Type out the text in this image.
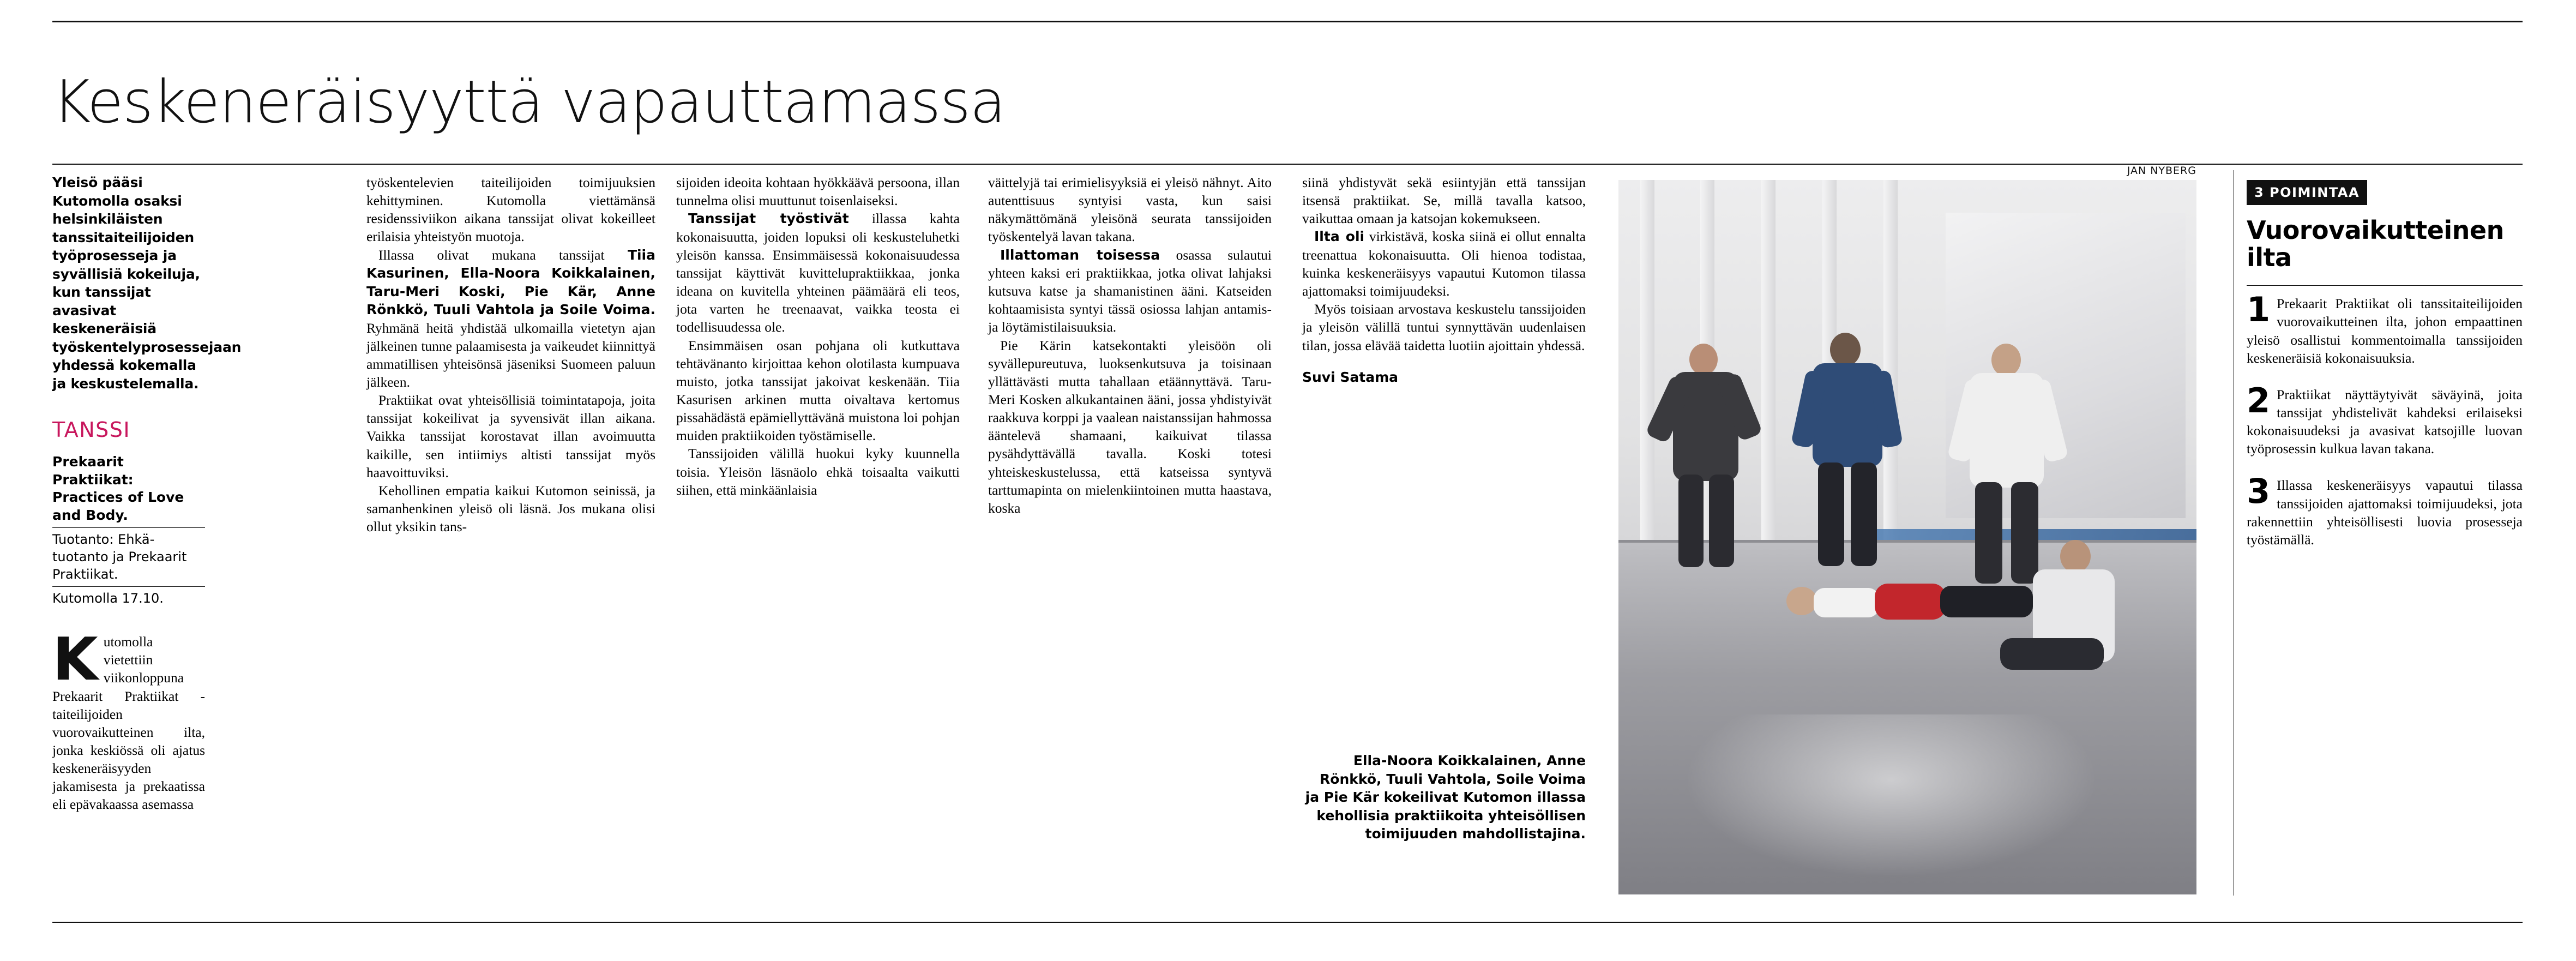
Keskeneräisyyttä vapauttamassa
Yleisö pääsi Kutomolla osaksi helsinkiläisten tanssitaiteilijoiden työprosesseja ja syvällisiä kokeiluja, kun tanssijat avasivat keskeneräisiä työskentelyprosessejaan yhdessä kokemalla ja keskustelemalla.
TANSSI
Prekaarit Praktiikat: Practices of Love and Body.
Tuotanto: Ehkä-tuotanto ja Prekaarit Praktiikat.
Kutomolla 17.10.
K utomolla vietettiin viikonloppuna Prekaarit Praktiikat -taiteilijoiden vuorovaikutteinen ilta, jonka keskiössä oli ajatus keskeneräisyyden jakamisesta ja prekaatissa eli epävakaassa asemassa

työskentelevien taiteilijoiden toimijuuksien kehittyminen. Kutomolla viettämänsä residenssiviikon aikana tanssijat olivat kokeilleet erilaisia yhteistyön muotoja.

Illassa olivat mukana tanssijat Tiia Kasurinen, Ella-Noora Koikkalainen, Taru-Meri Koski, Pie Kär, Anne Rönkkö, Tuuli Vahtola ja Soile Voima. Ryhmänä heitä yhdistää ulkomailla vietetyn ajan jälkeinen tunne palaamisesta ja vaikeudet kiinnittyä ammatillisen yhteisönsä jäseniksi Suomeen paluun jälkeen.

Praktiikat ovat yhteisöllisiä toimintatapoja, joita tanssijat kokeilivat ja syvensivät illan aikana. Vaikka tanssijat korostavat illan avoimuutta kaikille, sen intiimiys altisti tanssijat myös haavoittuviksi.

Kehollinen empatia kaikui Kutomon seinissä, ja samanhenkinen yleisö oli läsnä. Jos mukana olisi ollut yksikin tans-

sijoiden ideoita kohtaan hyökkäävä persoona, illan tunnelma olisi muuttunut toisenlaiseksi.

Tanssijat työstivät illassa kahta kokonaisuutta, joiden lopuksi oli keskusteluhetki yleisön kanssa. Ensimmäisessä kokonaisuudessa tanssijat käyttivät kuvittelupraktiikkaa, jonka ideana on kuvitella yhteinen päämäärä eli teos, jota varten he treenaavat, vaikka teosta ei todellisuudessa ole.

Ensimmäisen osan pohjana oli kutkuttava tehtävänanto kirjoittaa kehon olotilasta kumpuava muisto, jotka tanssijat jakoivat keskenään. Tiia Kasurisen arkinen mutta oivaltava kertomus pissahädästä epämiellyttävänä muistona loi pohjan muiden praktiikoiden työstämiselle.

Tanssijoiden välillä huokui kyky kuunnella toisia. Yleisön läsnäolo ehkä toisaalta vaikutti siihen, että minkäänlaisia

väittelyjä tai erimielisyyksiä ei yleisö nähnyt. Aito autenttisuus syntyisi vasta, kun saisi näkymättömänä yleisönä seurata tanssijoiden työskentelyä lavan takana.

Illattoman toisessa osassa sulautui yhteen kaksi eri praktiikkaa, jotka olivat lahjaksi kutsuva katse ja shamanistinen ääni. Katseiden kohtaamisista syntyi tässä osiossa lahjan antamis- ja löytämistilaisuuksia.

Pie Kärin katsekontakti yleisöön oli syvällepureutuva, luoksenkutsuva ja toisinaan yllättävästi mutta tahallaan etäännyttävä. Taru-Meri Kosken alkukantainen ääni, jossa yhdistyivät raakkuva korppi ja vaalean naistanssijan hahmossa ääntelevä shamaani, kaikuivat tilassa pysähdyttävällä tavalla. Koski totesi yhteiskeskustelussa, että katseissa syntyvä tarttumapinta on mielenkiintoinen mutta haastava, koska

siinä yhdistyvät sekä esiintyjän että tanssijan itsensä praktiikat. Se, millä tavalla katsoo, vaikuttaa omaan ja katsojan kokemukseen.

Ilta oli virkistävä, koska siinä ei ollut ennalta treenattua kokonaisuutta. Oli hienoa todistaa, kuinka keskeneräisyys vapautui Kutomon tilassa ajattomaksi toimijuudeksi.

Myös toisiaan arvostava keskustelu tanssijoiden ja yleisön välillä tuntui synnyttävän uudenlaisen tilan, jossa elävää taidetta luotiin ajoittain yhdessä.

Suvi Satama
Ella-Noora Koikkalainen, Anne Rönkkö, Tuuli Vahtola, Soile Voima ja Pie Kär kokeilivat Kutomon illassa kehollisia praktiikoita yhteisöllisen toimijuuden mahdollistajina.
JAN NYBERG
3 POIMINTAA
Vuorovaikutteinen ilta
1 Prekaarit Praktiikat oli tanssitaiteilijoiden vuorovaikutteinen ilta, johon empaattinen yleisö osallistui kommentoimalla tanssijoiden keskeneräisiä kokonaisuuksia.
2 Praktiikat näyttäytyivät säväyinä, joita tanssijat yhdistelivät kahdeksi erilaiseksi kokonaisuudeksi ja avasivat katsojille luovan työprosessin kulkua lavan takana.
3 Illassa keskeneräisyys vapautui tilassa tanssijoiden ajattomaksi toimijuudeksi, jota rakennettiin yhteisöllisesti luovia prosesseja työstämällä.
